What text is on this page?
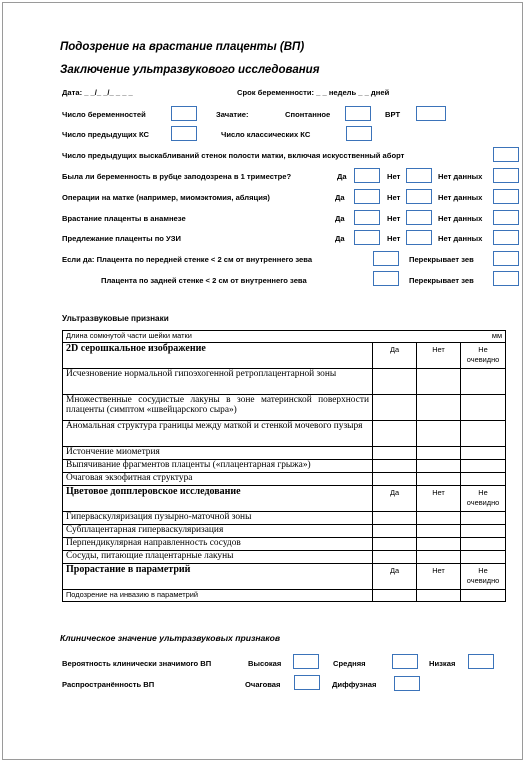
Подозрение на врастание плаценты (ВП)
Заключение ультразвукового исследования
Дата: _ _/_ _/_ _ _ _	Срок беременности: _ _ недель _ _ дней
Число беременностей	Зачатие:	Спонтанное	ВРТ
Число предыдущих КС	Число классических КС
Число предыдущих выскабливаний стенок полости матки, включая искусственный аборт
Была ли беременность в рубце заподозрена в 1 триместре?	Да	Нет	Нет данных
Операции на матке (например, миомэктомия, абляция)	Да	Нет	Нет данных
Врастание плаценты в анамнезе	Да	Нет	Нет данных
Предлежание плаценты по УЗИ	Да	Нет	Нет данных
Если да: Плацента по передней стенке < 2 см от внутреннего зева	Перекрывает зев
Плацента по задней стенке < 2 см от внутреннего зева	Перекрывает зев
Ультразвуковые признаки
Длина сомкнутой части шейки матки			мм
2D серошкальное изображение	Да	Нет	Не очевидно
Исчезновение нормальной гипоэхогенной ретроплацентарной зоны			
Множественные сосудистые лакуны в зоне материнской поверхности плаценты (симптом «швейцарского сыра»)			
Аномальная структура границы между маткой и стенкой мочевого пузыря			
Истончение миометрия			
Выпячивание фрагментов плаценты («плацентарная грыжа»)			
Очаговая экзофитная структура			
Цветовое допплеровское исследование	Да	Нет	Не очевидно
Гиперваскуляризация пузырно-маточной зоны			
Субплацентарная гиперваскуляризация			
Перпендикулярная направленность сосудов			
Сосуды, питающие плацентарные лакуны			
Прорастание в параметрий	Да	Нет	Не очевидно
Подозрение на инвазию в параметрий			
Клиническое значение ультразвуковых признаков
Вероятность клинически значимого ВП	Высокая	Средняя	Низкая
Распространённость ВП	Очаговая	Диффузная
